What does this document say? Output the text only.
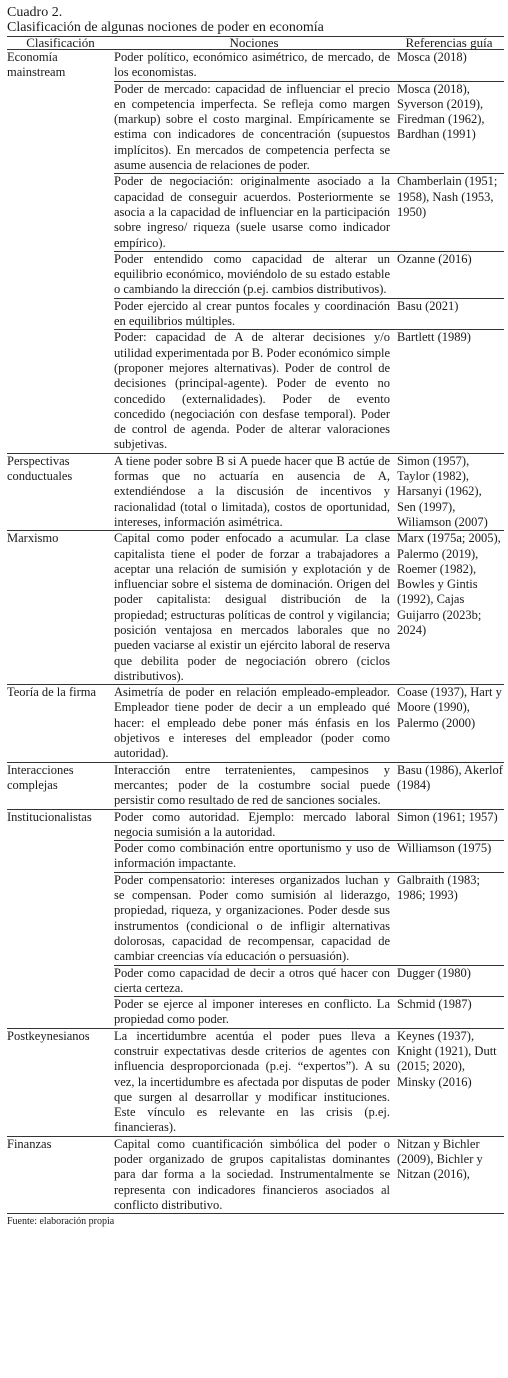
Cuadro 2.
Clasificación de algunas nociones de poder en economía
Clasificación	Nociones	Referencias guía
Economía mainstream	Poder político, económico asimétrico, de mercado, de los economistas.	Mosca (2018)
	Poder de mercado: capacidad de influenciar el precio en competencia imperfecta. Se refleja como margen (markup) sobre el costo marginal. Empíricamente se estima con indicadores de concentración (supuestos implícitos). En mercados de competencia perfecta se asume ausencia de relaciones de poder.	Mosca (2018), Syverson (2019), Firedman (1962), Bardhan (1991)
	Poder de negociación: originalmente asociado a la capacidad de conseguir acuerdos. Posteriormente se asocia a la capacidad de influenciar en la participación sobre ingreso/ riqueza (suele usarse como indicador empírico).	Chamberlain (1951; 1958), Nash (1953, 1950)
	Poder entendido como capacidad de alterar un equilibrio económico, moviéndolo de su estado estable o cambiando la dirección (p.ej. cambios distributivos).	Ozanne (2016)
	Poder ejercido al crear puntos focales y coordinación en equilibrios múltiples.	Basu (2021)
	Poder: capacidad de A de alterar decisiones y/o utilidad experimentada por B. Poder económico simple (proponer mejores alternativas). Poder de control de decisiones (principal-agente). Poder de evento no concedido (externalidades). Poder de evento concedido (negociación con desfase temporal). Poder de control de agenda. Poder de alterar valoraciones subjetivas.	Bartlett (1989)
Perspectivas conductuales	A tiene poder sobre B si A puede hacer que B actúe de formas que no actuaría en ausencia de A, extendiéndose a la discusión de incentivos y racionalidad (total o limitada), costos de oportunidad, intereses, información asimétrica.	Simon (1957), Taylor (1982), Harsanyi (1962), Sen (1997), Wiliamson (2007)
Marxismo	Capital como poder enfocado a acumular. La clase capitalista tiene el poder de forzar a trabajadores a aceptar una relación de sumisión y explotación y de influenciar sobre el sistema de dominación. Origen del poder capitalista: desigual distribución de la propiedad; estructuras políticas de control y vigilancia; posición ventajosa en mercados laborales que no pueden vaciarse al existir un ejército laboral de reserva que debilita poder de negociación obrero (ciclos distributivos).	Marx (1975a; 2005), Palermo (2019), Roemer (1982), Bowles y Gintis (1992), Cajas Guijarro (2023b; 2024)
Teoría de la firma	Asimetría de poder en relación empleado-empleador. Empleador tiene poder de decir a un empleado qué hacer: el empleado debe poner más énfasis en los objetivos e intereses del empleador (poder como autoridad).	Coase (1937), Hart y Moore (1990), Palermo (2000)
Interacciones complejas	Interacción entre terratenientes, campesinos y mercantes; poder de la costumbre social puede persistir como resultado de red de sanciones sociales.	Basu (1986), Akerlof (1984)
Institucionalistas	Poder como autoridad. Ejemplo: mercado laboral negocia sumisión a la autoridad.	Simon (1961; 1957)
	Poder como combinación entre oportunismo y uso de información impactante.	Williamson (1975)
	Poder compensatorio: intereses organizados luchan y se compensan. Poder como sumisión al liderazgo, propiedad, riqueza, y organizaciones. Poder desde sus instrumentos (condicional o de infligir alternativas dolorosas, capacidad de recompensar, capacidad de cambiar creencias vía educación o persuasión).	Galbraith (1983; 1986; 1993)
	Poder como capacidad de decir a otros qué hacer con cierta certeza.	Dugger (1980)
	Poder se ejerce al imponer intereses en conflicto. La propiedad como poder.	Schmid (1987)
Postkeynesianos	La incertidumbre acentúa el poder pues lleva a construir expectativas desde criterios de agentes con influencia desproporcionada (p.ej. “expertos”). A su vez, la incertidumbre es afectada por disputas de poder que surgen al desarrollar y modificar instituciones. Este vínculo es relevante en las crisis (p.ej. financieras).	Keynes (1937), Knight (1921), Dutt (2015; 2020), Minsky (2016)
Finanzas	Capital como cuantificación simbólica del poder o poder organizado de grupos capitalistas dominantes para dar forma a la sociedad. Instrumentalmente se representa con indicadores financieros asociados al conflicto distributivo.	Nitzan y Bichler (2009), Bichler y Nitzan (2016),
Fuente: elaboración propia
